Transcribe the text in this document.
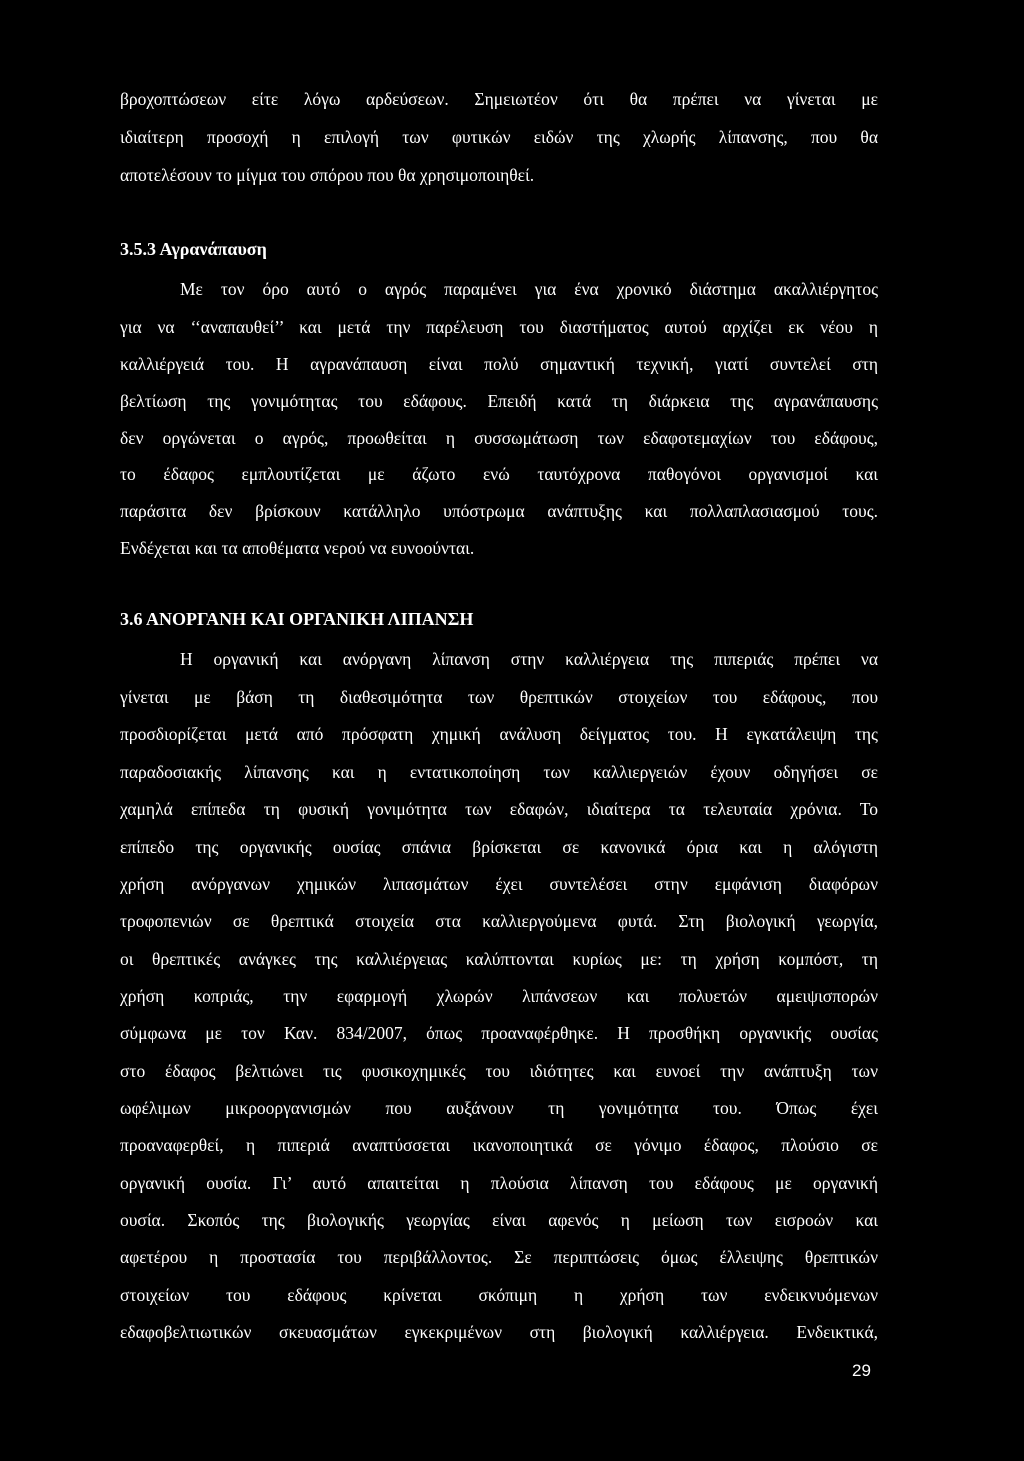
βροχοπτώσεων είτε λόγω αρδεύσεων. Σημειωτέον ότι θα πρέπει να γίνεται με
ιδιαίτερη προσοχή η επιλογή των φυτικών ειδών της χλωρής λίπανσης, που θα
αποτελέσουν το μίγμα του σπόρου που θα χρησιμοποιηθεί.
3.5.3 Αγρανάπαυση
Με τον όρο αυτό ο αγρός παραμένει για ένα χρονικό διάστημα ακαλλιέργητος
για να ‘‘αναπαυθεί’’ και μετά την παρέλευση του διαστήματος αυτού αρχίζει εκ νέου η
καλλιέργειά του. Η αγρανάπαυση είναι πολύ σημαντική τεχνική, γιατί συντελεί στη
βελτίωση της γονιμότητας του εδάφους. Επειδή κατά τη διάρκεια της αγρανάπαυσης
δεν οργώνεται ο αγρός, προωθείται η συσσωμάτωση των εδαφοτεμαχίων του εδάφους,
το έδαφος εμπλουτίζεται με άζωτο ενώ ταυτόχρονα παθογόνοι οργανισμοί και
παράσιτα δεν βρίσκουν κατάλληλο υπόστρωμα ανάπτυξης και πολλαπλασιασμού τους.
Ενδέχεται και τα αποθέματα νερού να ευνοούνται.
3.6 ΑΝΟΡΓΑΝΗ ΚΑΙ ΟΡΓΑΝΙΚΗ ΛΙΠΑΝΣΗ
Η οργανική και ανόργανη λίπανση στην καλλιέργεια της πιπεριάς πρέπει να
γίνεται με βάση τη διαθεσιμότητα των θρεπτικών στοιχείων του εδάφους, που
προσδιορίζεται μετά από πρόσφατη χημική ανάλυση δείγματος του. Η εγκατάλειψη της
παραδοσιακής λίπανσης και η εντατικοποίηση των καλλιεργειών έχουν οδηγήσει σε
χαμηλά επίπεδα τη φυσική γονιμότητα των εδαφών, ιδιαίτερα τα τελευταία χρόνια. Το
επίπεδο της οργανικής ουσίας σπάνια βρίσκεται σε κανονικά όρια και η αλόγιστη
χρήση ανόργανων χημικών λιπασμάτων έχει συντελέσει στην εμφάνιση διαφόρων
τροφοπενιών σε θρεπτικά στοιχεία στα καλλιεργούμενα φυτά. Στη βιολογική γεωργία,
οι θρεπτικές ανάγκες της καλλιέργειας καλύπτονται κυρίως με: τη χρήση κομπόστ, τη
χρήση κοπριάς, την εφαρμογή χλωρών λιπάνσεων και πολυετών αμειψισπορών
σύμφωνα με τον Καν. 834/2007, όπως προαναφέρθηκε. Η προσθήκη οργανικής ουσίας
στο έδαφος βελτιώνει τις φυσικοχημικές του ιδιότητες και ευνοεί την ανάπτυξη των
ωφέλιμων μικροοργανισμών που αυξάνουν τη γονιμότητα του. Όπως έχει
προαναφερθεί, η πιπεριά αναπτύσσεται ικανοποιητικά σε γόνιμο έδαφος, πλούσιο σε
οργανική ουσία. Γι’ αυτό απαιτείται η πλούσια λίπανση του εδάφους με οργανική
ουσία. Σκοπός της βιολογικής γεωργίας είναι αφενός η μείωση των εισροών και
αφετέρου η προστασία του περιβάλλοντος. Σε περιπτώσεις όμως έλλειψης θρεπτικών
στοιχείων του εδάφους κρίνεται σκόπιμη η χρήση των ενδεικνυόμενων
εδαφοβελτιωτικών σκευασμάτων εγκεκριμένων στη βιολογική καλλιέργεια. Ενδεικτικά,
29
